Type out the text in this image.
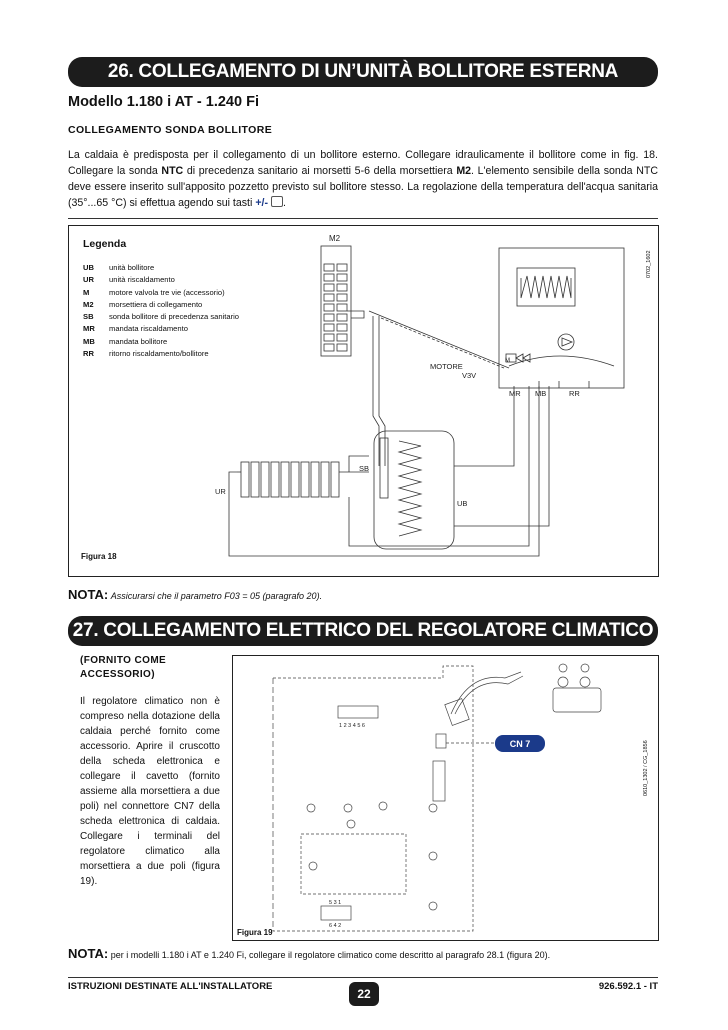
26. COLLEGAMENTO DI UN’UNITÀ BOLLITORE ESTERNA
Modello 1.180 i AT - 1.240 Fi
COLLEGAMENTO SONDA BOLLITORE
La caldaia è predisposta per il collegamento di un bollitore esterno. Collegare idraulicamente il bollitore come in fig. 18. Collegare la sonda NTC di precedenza sanitario ai morsetti 5-6 della morsettiera M2. L'elemento sensibile della sonda NTC deve essere inserito sull'apposito pozzetto previsto sul bollitore stesso. La regolazione della temperatura dell'acqua sanitaria (35°...65 °C) si effettua agendo sui tasti +/- .
Legenda
UB	unità bollitore
UR	unità riscaldamento
M	motore valvola tre vie (accessorio)
M2	morsettiera di collegamento
SB	sonda bollitore di precedenza sanitario
MR	mandata riscaldamento
MB	mandata bollitore
RR	ritorno riscaldamento/bollitore
M2
MOTORE
V3V
MR MB	RR
SB
UR
UB
M
0702_1602
Figura 18
NOTA: Assicurarsi che il parametro F03 = 05 (paragrafo 20).
27. COLLEGAMENTO ELETTRICO DEL REGOLATORE CLIMATICO
(FORNITO COME ACCESSORIO)
Il regolatore climatico non è compreso nella dotazione della caldaia perché fornito come accessorio. Aprire il cruscotto della scheda elettronica e collegare il cavetto (fornito assieme alla morsettiera a due poli) nel connettore CN7 della scheda elettronica di caldaia. Collegare i terminali del regolatore climatico alla morsettiera a due poli (figura 19).
CN 7
1 2 3 4 5 6
5 3 1
6 4 2
0610_1302 / CG_1856
Figura 19
NOTA: per i modelli 1.180 i AT e 1.240 Fi, collegare il regolatore climatico come descritto al paragrafo 28.1 (figura 20).
ISTRUZIONI DESTINATE ALL'INSTALLATORE
22
926.592.1 - IT
